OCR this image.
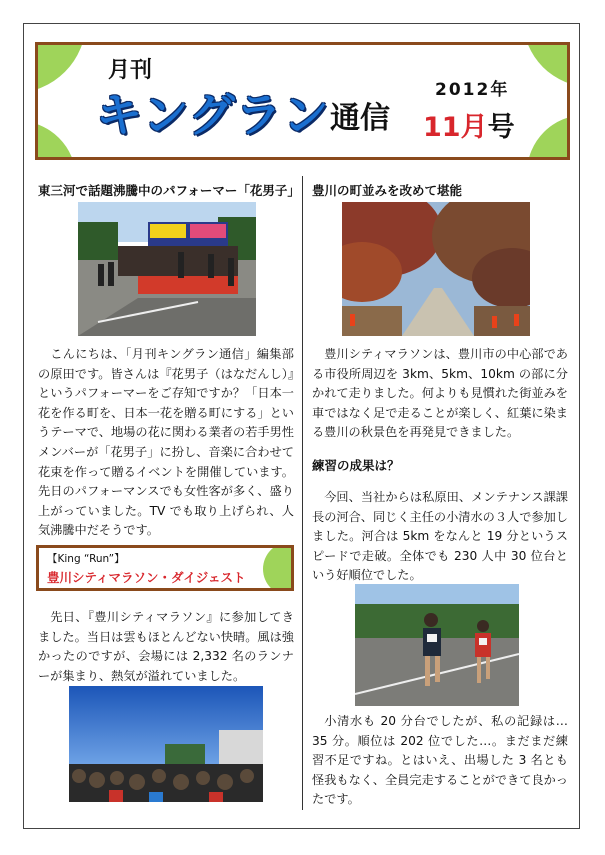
月刊
キングラン 通信
2012年
11月号
東三河で話題沸騰中のパフォーマー「花男子」

こんにちは、「月刊キングラン通信」編集部の原田です。皆さんは『花男子（はなだんし）』というパフォーマーをご存知ですか？「日本一花を作る町を、日本一花を贈る町にする」というテーマで、地場の花に関わる業者の若手男性メンバーが「花男子」に扮し、音楽に合わせて花束を作って贈るイベントを開催しています。先日のパフォーマンスでも女性客が多く、盛り上がっていました。TV でも取り上げられ、人気沸騰中だそうです。

【King “Run”】
豊川シティマラソン・ダイジェスト

先日、『豊川シティマラソン』に参加してきました。当日は雲もほとんどない快晴。風は強かったのですが、会場には 2,332 名のランナーが集まり、熱気が溢れていました。

豊川の町並みを改めて堪能

豊川シティマラソンは、豊川市の中心部である市役所周辺を 3km、5km、10km の部に分かれて走りました。何よりも見慣れた街並みを車ではなく足で走ることが楽しく、紅葉に染まる豊川の秋景色を再発見できました。

練習の成果は？

今回、当社からは私原田、メンテナンス課課長の河合、同じく主任の小清水の３人で参加しました。河合は 5km をなんと 19 分というスピードで走破。全体でも 230 人中 30 位台という好順位でした。

小清水も 20 分台でしたが、私の記録は…35 分。順位は 202 位でした…。まだまだ練習不足ですね。とはいえ、出場した 3 名とも怪我もなく、全員完走することができて良かったです。
